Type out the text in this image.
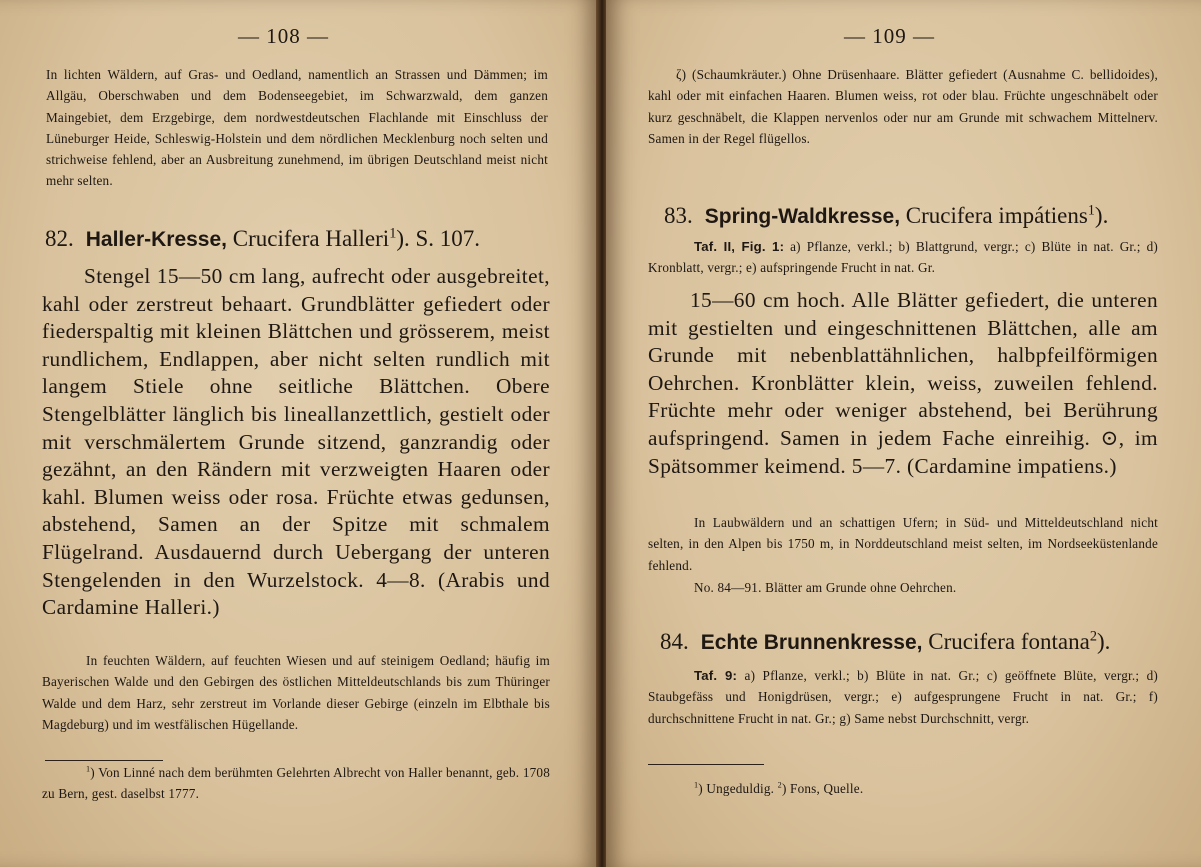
— 108 —

In lichten Wäldern, auf Gras- und Oedland, namentlich an Strassen und Dämmen; im Allgäu, Oberschwaben und dem Bodenseegebiet, im Schwarzwald, dem ganzen Maingebiet, dem Erzgebirge, dem nordwestdeutschen Flachlande mit Einschluss der Lüneburger Heide, Schleswig-Holstein und dem nördlichen Mecklenburg noch selten und strichweise fehlend, aber an Ausbreitung zunehmend, im übrigen Deutschland meist nicht mehr selten.

82. Haller-Kresse, Crucifera Halleri$^1$). S. 107.

Stengel 15—50 cm lang, aufrecht oder ausgebreitet, kahl oder zerstreut behaart. Grundblätter gefiedert oder fiederspaltig mit kleinen Blättchen und grösserem, meist rundlichem, Endlappen, aber nicht selten rundlich mit langem Stiele ohne seitliche Blättchen. Obere Stengelblätter länglich bis lineallanzettlich, gestielt oder mit verschmälertem Grunde sitzend, ganzrandig oder gezähnt, an den Rändern mit verzweigten Haaren oder kahl. Blumen weiss oder rosa. Früchte etwas gedunsen, abstehend, Samen an der Spitze mit schmalem Flügelrand. Ausdauernd durch Uebergang der unteren Stengelenden in den Wurzelstock. 4—8. (Arabis und Cardamine Halleri.)

In feuchten Wäldern, auf feuchten Wiesen und auf steinigem Oedland; häufig im Bayerischen Walde und den Gebirgen des östlichen Mitteldeutschlands bis zum Thüringer Walde und dem Harz, sehr zerstreut im Vorlande dieser Gebirge (einzeln im Elbthale bis Magdeburg) und im westfälischen Hügellande.

$^1$) Von Linné nach dem berühmten Gelehrten Albrecht von Haller benannt, geb. 1708 zu Bern, gest. daselbst 1777.

— 109 —

ζ) (Schaumkräuter.) Ohne Drüsenhaare. Blätter gefiedert (Ausnahme C. bellidoides), kahl oder mit einfachen Haaren. Blumen weiss, rot oder blau. Früchte ungeschnäbelt oder kurz geschnäbelt, die Klappen nervenlos oder nur am Grunde mit schwachem Mittelnerv. Samen in der Regel flügellos.

83. Spring-Waldkresse, Crucifera impátiens$^1$).

Taf. II, Fig. 1: a) Pflanze, verkl.; b) Blattgrund, vergr.; c) Blüte in nat. Gr.; d) Kronblatt, vergr.; e) aufspringende Frucht in nat. Gr.

15—60 cm hoch. Alle Blätter gefiedert, die unteren mit gestielten und eingeschnittenen Blättchen, alle am Grunde mit nebenblattähnlichen, halbpfeilförmigen Oehrchen. Kronblätter klein, weiss, zuweilen fehlend. Früchte mehr oder weniger abstehend, bei Berührung aufspringend. Samen in jedem Fache einreihig. ⊙, im Spätsommer keimend. 5—7. (Cardamine impatiens.)

In Laubwäldern und an schattigen Ufern; in Süd- und Mitteldeutschland nicht selten, in den Alpen bis 1750 m, in Norddeutschland meist selten, im Nordseeküstenlande fehlend.

No. 84—91. Blätter am Grunde ohne Oehrchen.

84. Echte Brunnenkresse, Crucifera fontana$^2$).

Taf. 9: a) Pflanze, verkl.; b) Blüte in nat. Gr.; c) geöffnete Blüte, vergr.; d) Staubgefäss und Honigdrüsen, vergr.; e) aufgesprungene Frucht in nat. Gr.; f) durchschnittene Frucht in nat. Gr.; g) Same nebst Durchschnitt, vergr.

$^1$) Ungeduldig. $^2$) Fons, Quelle.
